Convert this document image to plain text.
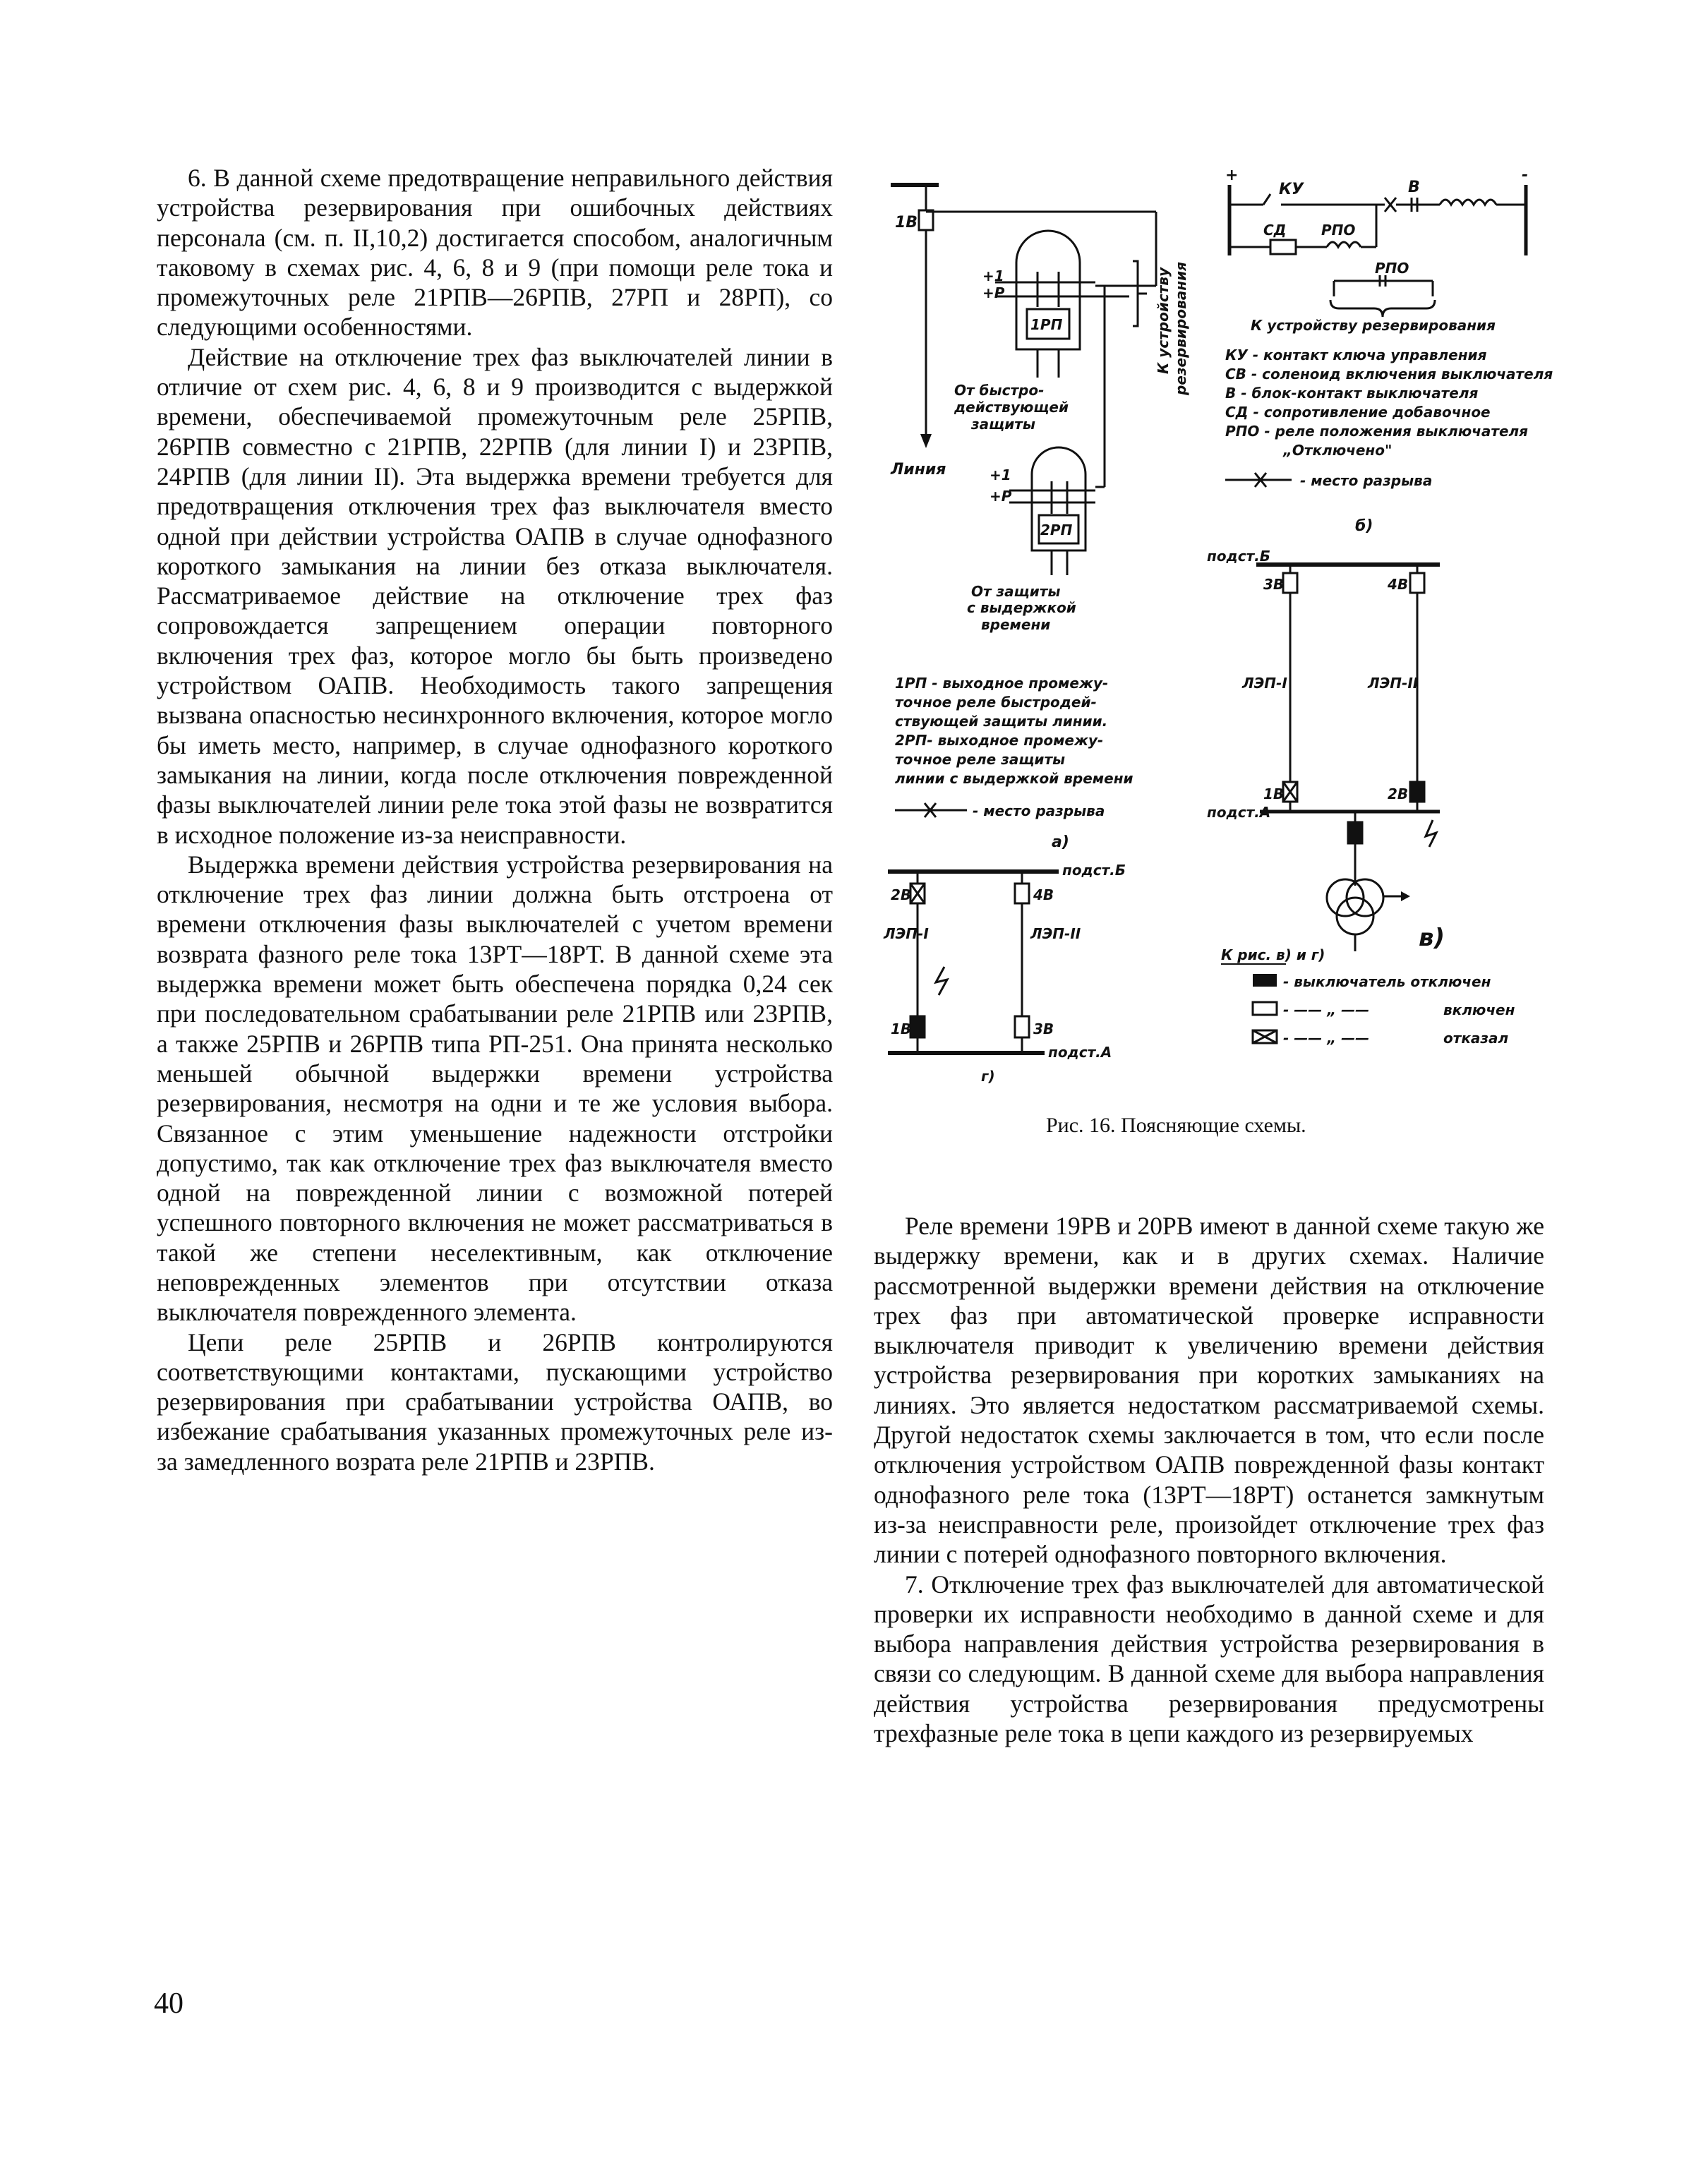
6. В данной схеме предотвращение неправильного действия устройства резервирования при ошибочных действиях персонала (см. п. II,10,2) достигается способом, аналогичным таковому в схемах рис. 4, 6, 8 и 9 (при помощи реле тока и промежуточных реле 21РПВ—26РПВ, 27РП и 28РП), со следующими особенностями.

Действие на отключение трех фаз выключателей линии в отличие от схем рис. 4, 6, 8 и 9 производится с выдержкой времени, обеспечиваемой промежуточным реле 25РПВ, 26РПВ совместно с 21РПВ, 22РПВ (для линии I) и 23РПВ, 24РПВ (для линии II). Эта выдержка времени требуется для предотвращения отключения трех фаз выключателя вместо одной при действии устройства ОАПВ в случае однофазного короткого замыкания на линии без отказа выключателя. Рассматриваемое действие на отключение трех фаз сопровождается запрещением операции повторного включения трех фаз, которое могло бы быть произведено устройством ОАПВ. Необходимость такого запрещения вызвана опасностью несинхронного включения, которое могло бы иметь место, например, в случае однофазного короткого замыкания на линии, когда после отключения поврежденной фазы выключателей линии реле тока этой фазы не возвратится в исходное положение из-за неисправности.

Выдержка времени действия устройства резервирования на отключение трех фаз линии должна быть отстроена от времени отключения фазы выключателей с учетом времени возврата фазного реле тока 13РТ—18РТ. В данной схеме эта выдержка времени может быть обеспечена порядка 0,24 сек при последовательном срабатывании реле 21РПВ или 23РПВ, а также 25РПВ и 26РПВ типа РП-251. Она принята несколько меньшей обычной выдержки времени устройства резервирования, несмотря на одни и те же условия выбора. Связанное с этим уменьшение надежности отстройки допустимо, так как отключение трех фаз выключателя вместо одной на поврежденной линии с возможной потерей успешного повторного включения не может рассматриваться в такой же степени неселективным, как отключение неповрежденных элементов при отсутствии отказа выключателя поврежденного элемента.

Цепи реле 25РПВ и 26РПВ контролируются соответствующими контактами, пускающими устройство резервирования при срабатывании устройства ОАПВ, во избежание срабатывания указанных промежуточных реле из-за замедленного возрата реле 21РПВ и 23РПВ.

Реле времени 19РВ и 20РВ имеют в данной схеме такую же выдержку времени, как и в других схемах. Наличие рассмотренной выдержки времени действия на отключение трех фаз при автоматической проверке исправности выключателя приводит к увеличению времени действия устройства резервирования при коротких замыканиях на линиях. Это является недостатком рассматриваемой схемы. Другой недостаток схемы заключается в том, что если после отключения устройством ОАПВ поврежденной фазы контакт однофазного реле тока (13РТ—18РТ) останется замкнутым из-за неисправности реле, произойдет отключение трех фаз линии с потерей однофазного повторного включения.

7. Отключение трех фаз выключателей для автоматической проверки их исправности необходимо в данной схеме и для выбора направления действия устройства резервирования в связи со следующим. В данной схеме для выбора направления действия устройства резервирования предусмотрены трехфазные реле тока в цепи каждого из резервируемых

40
1В
Линия
1РП
+1
+Р
От быстро-
действующей
защиты
К устройству резервирования
2РП
+1
+Р
От защиты
с выдержкой
времени
1РП - выходное промежу-
точное реле быстродей-
ствующей защиты линии.
2РП- выходное промежу-
точное реле защиты
линии с выдержкой времени
- место разрыва
а)
+	-
КУ	В
СД РПО
РПО
К устройству резервирования
КУ - контакт ключа управления
СВ - соленоид включения выключателя
В - блок-контакт выключателя
СД - сопротивление добавочное
РПО - реле положения выключателя
„Отключено"
- место разрыва
б)
подст.Б
3В	4В
ЛЭП-I	ЛЭП-II
1В	2В
подст.А
в)
К рис. в) и г)
- выключатель отключен
- —— „ ——	включен
- —— „ ——	отказал
подст.Б
2В	4В
ЛЭП-I	ЛЭП-II
1В	3В
подст.А
г)
Рис. 16. Поясняющие схемы.
